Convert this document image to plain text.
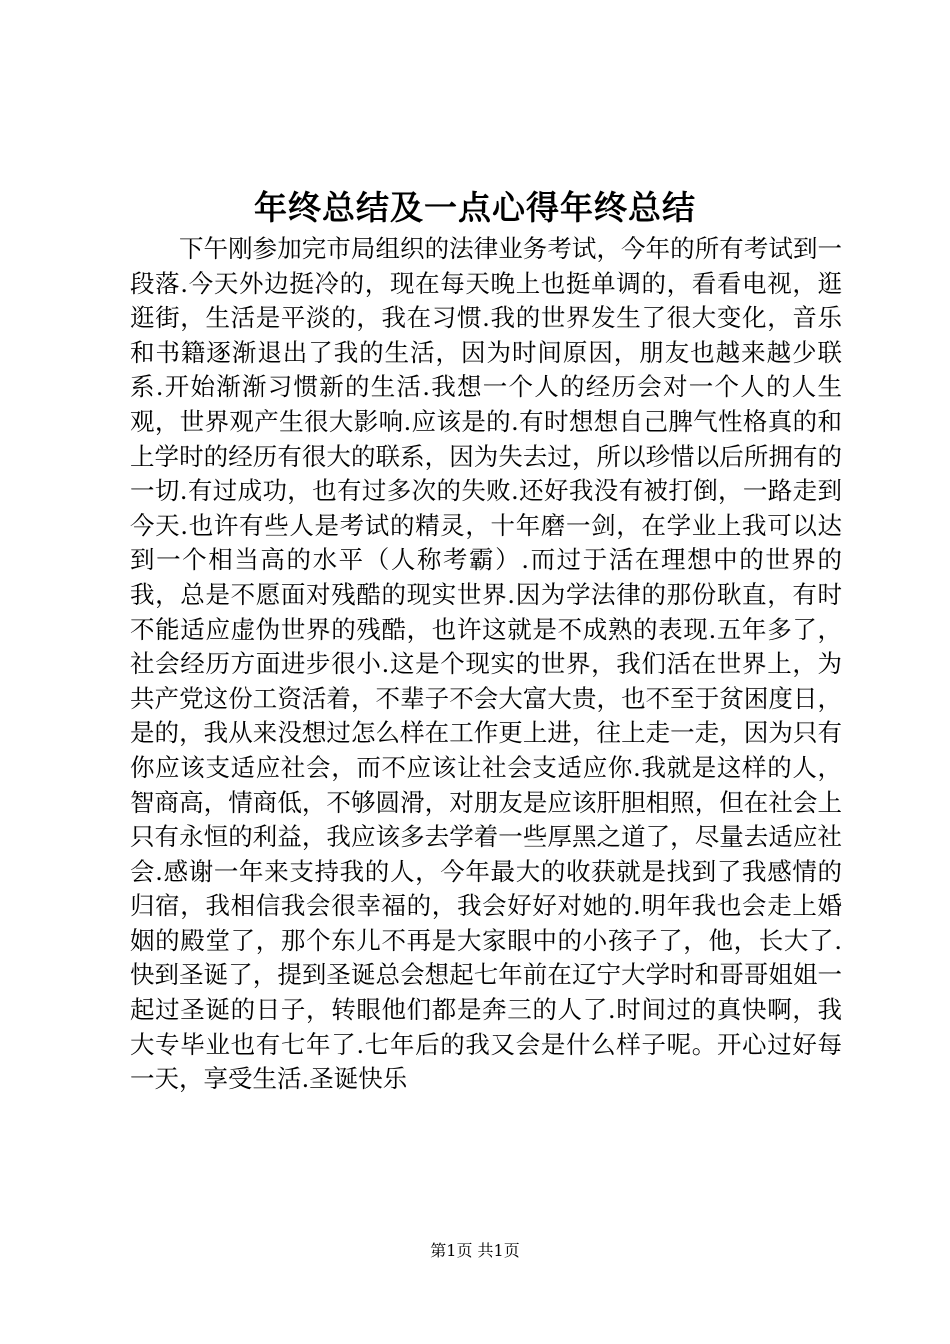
年终总结及一点心得年终总结

下午刚参加完市局组织的法律业务考试，今年的所有考试到一段落.今天外边挺冷的，现在每天晚上也挺单调的，看看电视，逛逛街，生活是平淡的，我在习惯.我的世界发生了很大变化，音乐和书籍逐渐退出了我的生活，因为时间原因，朋友也越来越少联系.开始渐渐习惯新的生活.我想一个人的经历会对一个人的人生观，世界观产生很大影响.应该是的.有时想想自己脾气性格真的和上学时的经历有很大的联系，因为失去过，所以珍惜以后所拥有的一切.有过成功，也有过多次的失败.还好我没有被打倒，一路走到今天.也许有些人是考试的精灵，十年磨一剑，在学业上我可以达到一个相当高的水平（人称考霸）.而过于活在理想中的世界的我，总是不愿面对残酷的现实世界.因为学法律的那份耿直，有时不能适应虚伪世界的残酷，也许这就是不成熟的表现.五年多了，社会经历方面进步很小.这是个现实的世界，我们活在世界上，为共产党这份工资活着，不辈子不会大富大贵，也不至于贫困度日，是的，我从来没想过怎么样在工作更上进，往上走一走，因为只有你应该支适应社会，而不应该让社会支适应你.我就是这样的人，智商高，情商低，不够圆滑，对朋友是应该肝胆相照，但在社会上只有永恒的利益，我应该多去学着一些厚黑之道了，尽量去适应社会.感谢一年来支持我的人，今年最大的收获就是找到了我感情的归宿，我相信我会很幸福的，我会好好对她的.明年我也会走上婚姻的殿堂了，那个东儿不再是大家眼中的小孩子了，他，长大了.快到圣诞了，提到圣诞总会想起七年前在辽宁大学时和哥哥姐姐一起过圣诞的日子，转眼他们都是奔三的人了.时间过的真快啊，我大专毕业也有七年了.七年后的我又会是什么样子呢。开心过好每一天，享受生活.圣诞快乐

第1页 共1页
